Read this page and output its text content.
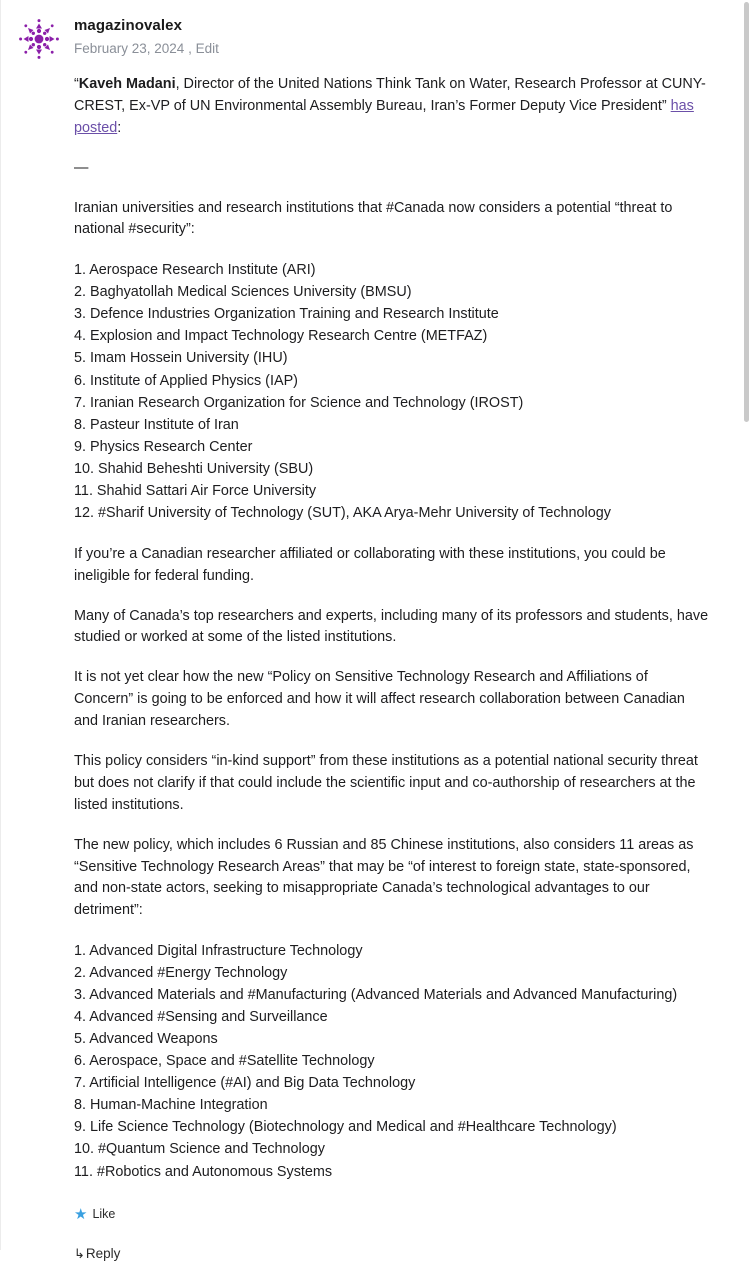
magazinovalex
February 23, 2024 , Edit

“Kaveh Madani, Director of the United Nations Think Tank on Water, Research Professor at CUNY-CREST, Ex-VP of UN Environmental Assembly Bureau, Iran’s Former Deputy Vice President” has posted:

—

Iranian universities and research institutions that #Canada now considers a potential “threat to national #security”:

1. Aerospace Research Institute (ARI)
2. Baghyatollah Medical Sciences University (BMSU)
3. Defence Industries Organization Training and Research Institute
4. Explosion and Impact Technology Research Centre (METFAZ)
5. Imam Hossein University (IHU)
6. Institute of Applied Physics (IAP)
7. Iranian Research Organization for Science and Technology (IROST)
8. Pasteur Institute of Iran
9. Physics Research Center
10. Shahid Beheshti University (SBU)
11. Shahid Sattari Air Force University
12. #Sharif University of Technology (SUT), AKA Arya-Mehr University of Technology

If you’re a Canadian researcher affiliated or collaborating with these institutions, you could be ineligible for federal funding.

Many of Canada’s top researchers and experts, including many of its professors and students, have studied or worked at some of the listed institutions.

It is not yet clear how the new “Policy on Sensitive Technology Research and Affiliations of Concern” is going to be enforced and how it will affect research collaboration between Canadian and Iranian researchers.

This policy considers “in-kind support” from these institutions as a potential national security threat but does not clarify if that could include the scientific input and co-authorship of researchers at the listed institutions.

The new policy, which includes 6 Russian and 85 Chinese institutions, also considers 11 areas as “Sensitive Technology Research Areas” that may be “of interest to foreign state, state-sponsored, and non-state actors, seeking to misappropriate Canada’s technological advantages to our detriment”:

1. Advanced Digital Infrastructure Technology
2. Advanced #Energy Technology
3. Advanced Materials and #Manufacturing (Advanced Materials and Advanced Manufacturing)
4. Advanced #Sensing and Surveillance
5. Advanced Weapons
6. Aerospace, Space and #Satellite Technology
7. Artificial Intelligence (#AI) and Big Data Technology
8. Human-Machine Integration
9. Life Science Technology (Biotechnology and Medical and #Healthcare Technology)
10. #Quantum Science and Technology
11. #Robotics and Autonomous Systems
★ Like
↳ Reply
